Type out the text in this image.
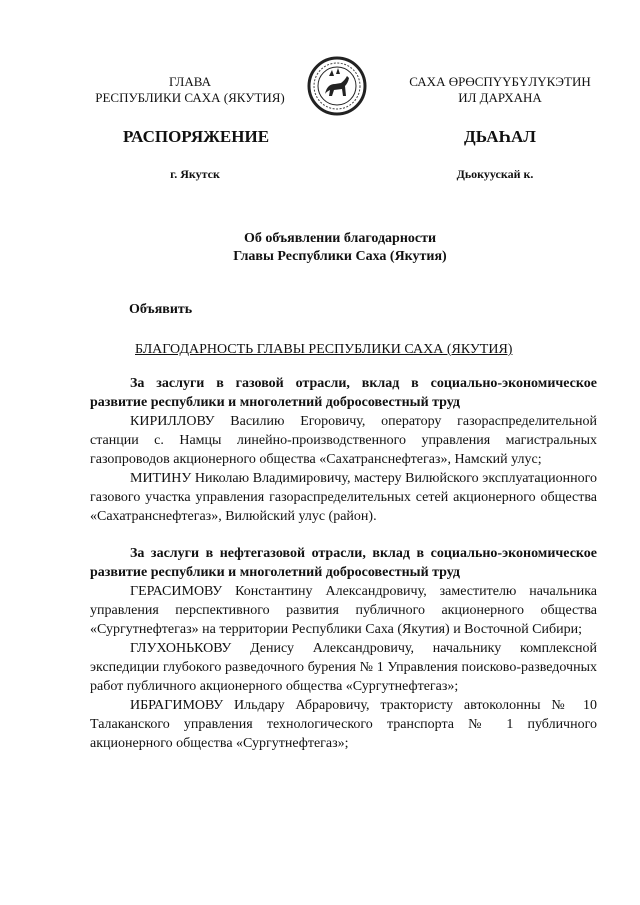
ГЛАВА
РЕСПУБЛИКИ САХА (ЯКУТИЯ)
САХА ӨРӨСПҮҮБҮЛҮКЭТИН
ИЛ ДАРХАНА
РАСПОРЯЖЕНИЕ	ДЬАҺАЛ
г. Якутск	Дьокуускай к.
Об объявлении благодарности
Главы Республики Саха (Якутия)
Объявить
БЛАГОДАРНОСТЬ ГЛАВЫ РЕСПУБЛИКИ САХА (ЯКУТИЯ)

За заслуги в газовой отрасли, вклад в социально-экономическое развитие республики и многолетний добросовестный труд

КИРИЛЛОВУ Василию Егоровичу, оператору газораспределительной станции с. Намцы линейно-производственного управления магистральных газопроводов акционерного общества «Сахатранснефтегаз», Намский улус;

МИТИНУ Николаю Владимировичу, мастеру Вилюйского эксплуатационного газового участка управления газораспределительных сетей акционерного общества «Сахатранснефтегаз», Вилюйский улус (район).

За заслуги в нефтегазовой отрасли, вклад в социально-экономическое развитие республики и многолетний добросовестный труд

ГЕРАСИМОВУ Константину Александровичу, заместителю начальника управления перспективного развития публичного акционерного общества «Сургутнефтегаз» на территории Республики Саха (Якутия) и Восточной Сибири;

ГЛУХОНЬКОВУ Денису Александровичу, начальнику комплексной экспедиции глубокого разведочного бурения № 1 Управления поисково-разведочных работ публичного акционерного общества «Сургутнефтегаз»;

ИБРАГИМОВУ Ильдару Абраровичу, трактористу автоколонны № 10 Талаканского управления технологического транспорта № 1 публичного акционерного общества «Сургутнефтегаз»;
